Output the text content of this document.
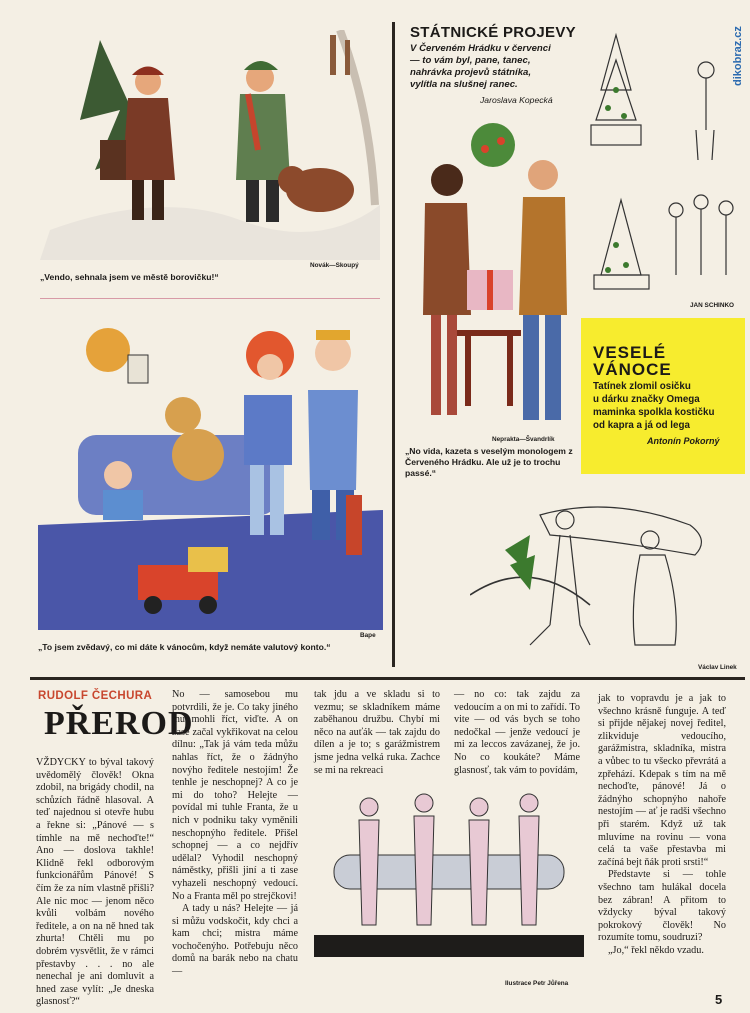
dikobraz.cz
Novák—Skoupý
„Vendo, sehnala jsem ve městě borovičku!“
Bape
„To jsem zvědavý, co mi dáte k vánocům, když nemáte valutový konto.“
STÁTNICKÉ PROJEVY
V Červeném Hrádku v červenci
— to vám byl, pane, tanec,
nahrávka projevů státníka,
vylítla na slušnej ranec.
Jaroslava Kopecká
Neprakta—Švandrlík
„No vida, kazeta s veselým monologem z Červeného Hrádku. Ale už je to trochu passé.“
JAN SCHINKO
VESELÉ
VÁNOCE
Tatínek zlomil osičku
u dárku značky Omega
maminka spolkla kostičku
od kapra a já od lega
Antonín Pokorný
Václav Linek
RUDOLF ČECHURA
PŘEROD

VŽDYCKY to býval takový uvědomělý člověk! Okna zdobil, na brigády chodil, na schůzích řádně hlasoval. A teď najednou si otevře hubu a řekne si: „Pánové — s tímhle na mě nechoďte!“ Ano — doslova takhle! Klidně řekl odborovým funkcionářům Pánové! S čím že za ním vlastně přišli? Ale nic moc — jenom něco kvůli volbám nového ředitele, a on na ně hned tak zhurta! Chtěli mu po dobrém vysvětlit, že v rámci přestavby . . . no ale nenechal je ani domluvit a hned zase vylít: „Je dneska glasnosť?“

No — samosebou mu potvrdili, že je. Co taky jiného mu mohli říct, viďte. A on zase začal vykřikovat na celou dílnu: „Tak já vám teda můžu nahlas říct, že o žádnýho novýho ředitele nestojím! Že tenhle je neschopnej? A co je mi do toho? Helejte — povídal mi tuhle Franta, že u nich v podniku taky vyměnili neschopnýho ředitele. Přišel schopnej — a co nejdřív udělal? Vyhodil neschopný náměstky, přišli jiní a ti zase vyhazeli neschopný vedoucí. No a Franta měl po strejčkovi!

A tady u nás? Helejte — já si můžu vodskočit, kdy chci a kam chci; mistra máme vochočenýho. Potřebuju něco domů na barák nebo na chatu —

tak jdu a ve skladu si to vezmu; se skladníkem máme zaběhanou družbu. Chybí mi něco na auťák — tak zajdu do dílen a je to; s garážmistrem jsme jedna velká ruka. Zachce se mi na rekreaci

— no co: tak zajdu za vedoucím a on mi to zařídí. To vite — od vás bych se toho nedočkal — jenže vedoucí je mi za leccos zavázanej, že jo. No co koukáte? Máme glasnosť, tak vám to povídám,

jak to vopravdu je a jak to všechno krásně funguje. A teď si přijde nějakej novej ředitel, zlikviduje vedoucího, garážmistra, skladníka, mistra a vůbec to tu všecko převrátá a zpřehází. Kdepak s tím na mě nechoďte, pánové! Já o žádnýho schopnýho nahoře nestojím — ať je radši všechno při starém. Když už tak mluvíme na rovinu — vona celá ta vaše přestavba mi začíná bejt ňák proti srsti!“

Představte si — tohle všechno tam hulákal docela bez zábran! A přitom to vždycky býval takový pokrokový člověk! No rozumíte tomu, soudruzi?

„Jo,“ řekl někdo vzadu.

Ilustrace Petr Jůřena
5
